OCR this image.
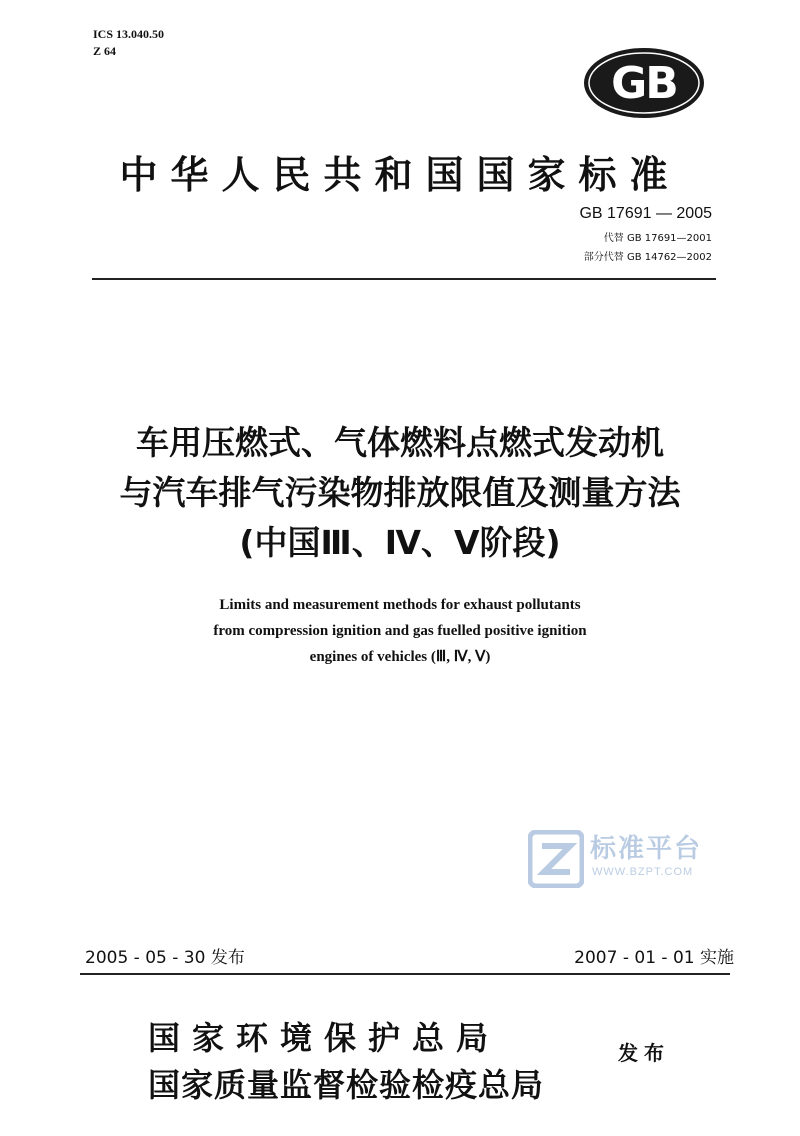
ICS 13.040.50
Z 64
GB
中华人民共和国国家标准
GB 17691 — 2005
代替 GB 17691—2001
部分代替 GB 14762—2002
车用压燃式、气体燃料点燃式发动机
与汽车排气污染物排放限值及测量方法
(中国Ⅲ、Ⅳ、Ⅴ阶段)
Limits and measurement methods for exhaust pollutants
from compression ignition and gas fuelled positive ignition
engines of vehicles (Ⅲ, Ⅳ, Ⅴ)
标准平台
WWW.BZPT.COM
2005 - 05 - 30 发布	2007 - 01 - 01 实施
国家环境保护总局
国家质量监督检验检疫总局
发布
